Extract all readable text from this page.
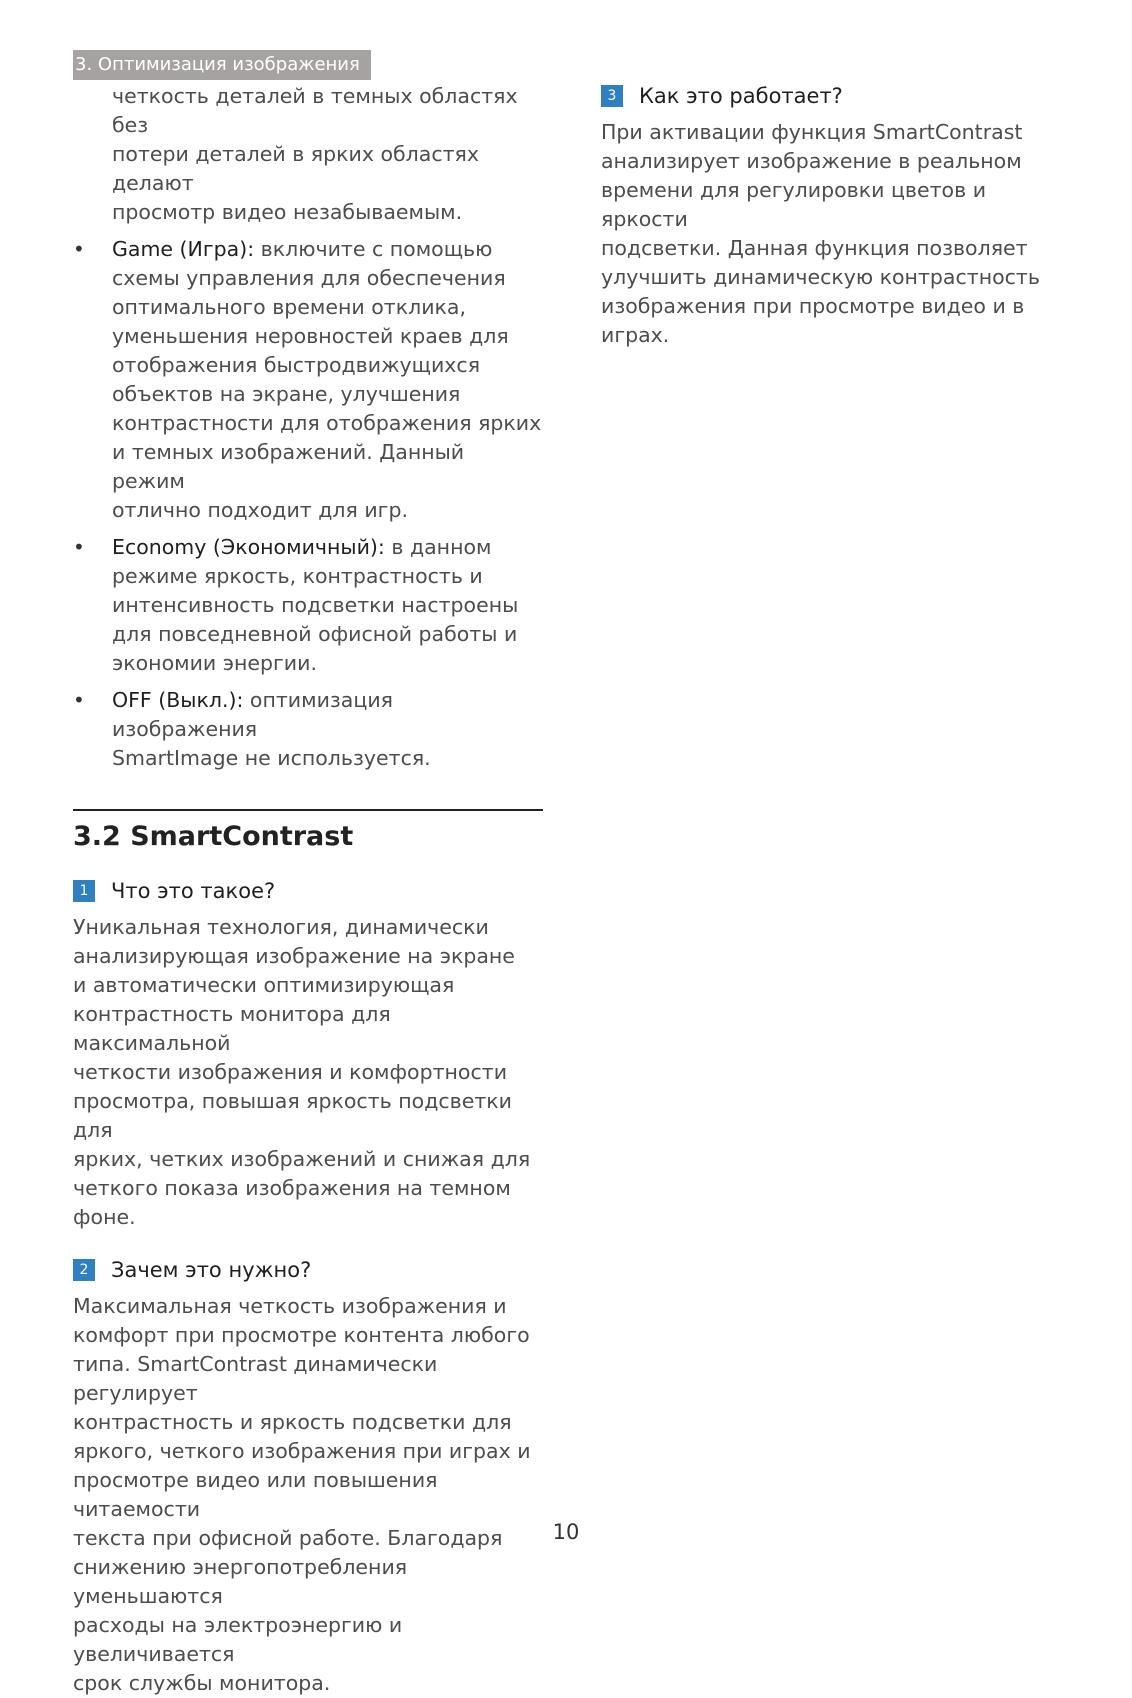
3. Оптимизация изображения

четкость деталей в темных областях без
потери деталей в ярких областях делают
просмотр видео незабываемым.

• Game (Игра): включите с помощью
схемы управления для обеспечения
оптимального времени отклика,
уменьшения неровностей краев для
отображения быстродвижущихся
объектов на экране, улучшения
контрастности для отображения ярких
и темных изображений. Данный режим
отлично подходит для игр.
• Economy (Экономичный): в данном
режиме яркость, контрастность и
интенсивность подсветки настроены
для повседневной офисной работы и
экономии энергии.
• OFF (Выкл.): оптимизация изображения
SmartImage не используется.
3.2 SmartContrast
1	Что это такое?

Уникальная технология, динамически
анализирующая изображение на экране
и автоматически оптимизирующая
контрастность монитора для максимальной
четкости изображения и комфортности
просмотра, повышая яркость подсветки для
ярких, четких изображений и снижая для
четкого показа изображения на темном фоне.

2	Зачем это нужно?

Максимальная четкость изображения и
комфорт при просмотре контента любого
типа. SmartContrast динамически регулирует
контрастность и яркость подсветки для
яркого, четкого изображения при играх и
просмотре видео или повышения читаемости
текста при офисной работе. Благодаря
снижению энергопотребления уменьшаются
расходы на электроэнергию и увеличивается
срок службы монитора.

3	Как это работает?

При активации функция SmartContrast
анализирует изображение в реальном
времени для регулировки цветов и яркости
подсветки. Данная функция позволяет
улучшить динамическую контрастность
изображения при просмотре видео и в играх.

10
